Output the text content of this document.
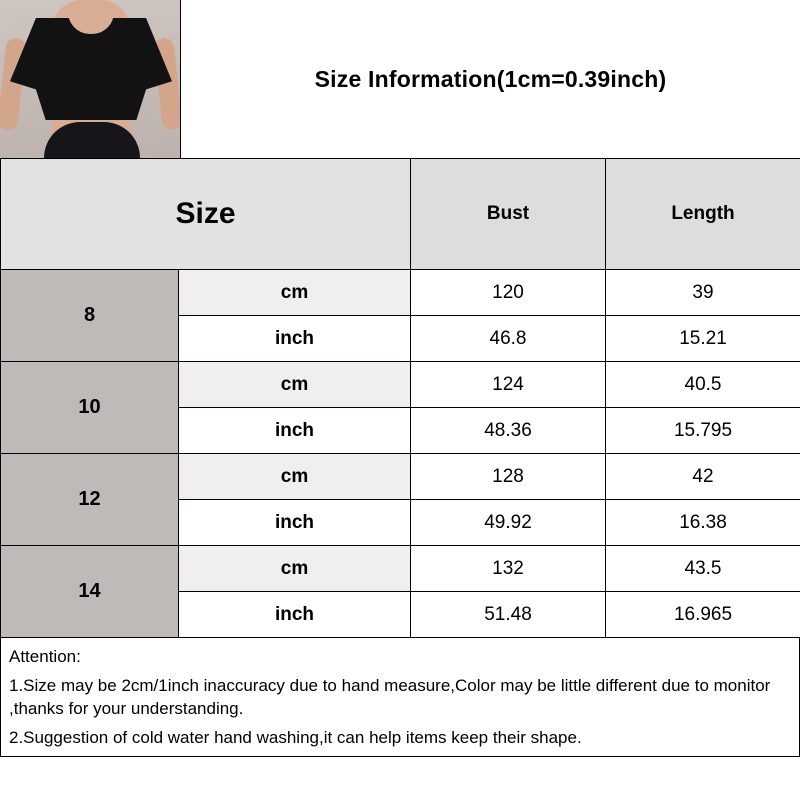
Size Information(1cm=0.39inch)
Size		Bust	Length
8	cm	120	39
	inch	46.8	15.21
10	cm	124	40.5
	inch	48.36	15.795
12	cm	128	42
	inch	49.92	16.38
14	cm	132	43.5
	inch	51.48	16.965

Attention:

1.Size may be 2cm/1inch inaccuracy due to hand measure,Color may be little different due to monitor ,thanks for your understanding.

2.Suggestion of cold water hand washing,it can help items keep their shape.
